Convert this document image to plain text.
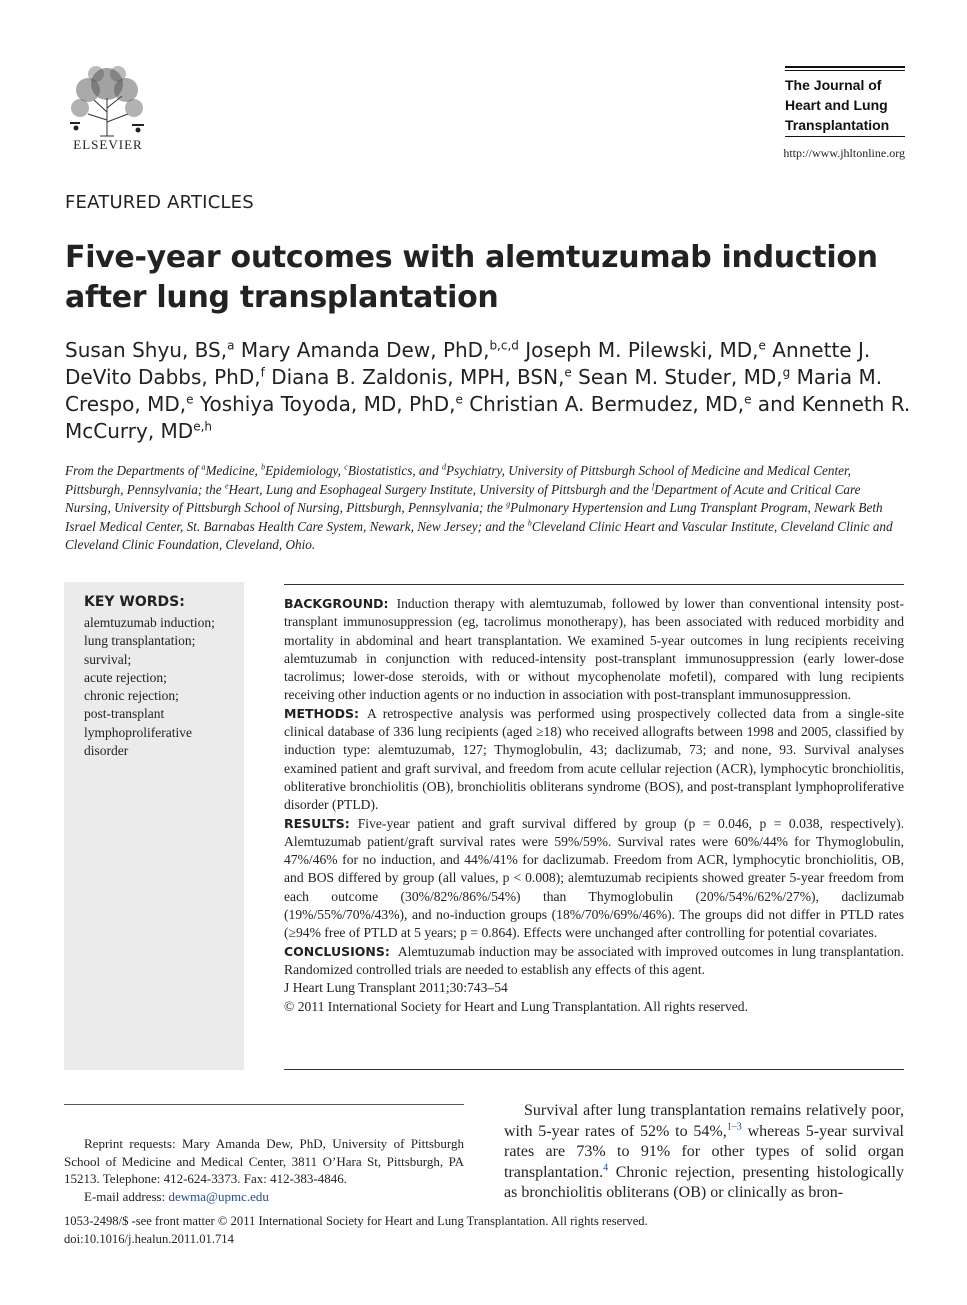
ELSEVIER
The Journal of
Heart and Lung
Transplantation
http://www.jhltonline.org
FEATURED ARTICLES
Five-year outcomes with alemtuzumab induction after lung transplantation
Susan Shyu, BS,$^a$ Mary Amanda Dew, PhD,$^{b,c,d}$ Joseph M. Pilewski, MD,$^e$ Annette J. DeVito Dabbs, PhD,$^f$ Diana B. Zaldonis, MPH, BSN,$^e$ Sean M. Studer, MD,$^g$ Maria M. Crespo, MD,$^e$ Yoshiya Toyoda, MD, PhD,$^e$ Christian A. Bermudez, MD,$^e$ and Kenneth R. McCurry, MD$^{e,h}$
From the Departments of $^a$Medicine, $^b$Epidemiology, $^c$Biostatistics, and $^d$Psychiatry, University of Pittsburgh School of Medicine and Medical Center, Pittsburgh, Pennsylvania; the $^e$Heart, Lung and Esophageal Surgery Institute, University of Pittsburgh and the $^f$Department of Acute and Critical Care Nursing, University of Pittsburgh School of Nursing, Pittsburgh, Pennsylvania; the $^g$Pulmonary Hypertension and Lung Transplant Program, Newark Beth Israel Medical Center, St. Barnabas Health Care System, Newark, New Jersey; and the $^h$Cleveland Clinic Heart and Vascular Institute, Cleveland Clinic and Cleveland Clinic Foundation, Cleveland, Ohio.
KEY WORDS:
alemtuzumab induction;
lung transplantation;
survival;
acute rejection;
chronic rejection;
post-transplant lymphoproliferative disorder

BACKGROUND: Induction therapy with alemtuzumab, followed by lower than conventional intensity post-transplant immunosuppression (eg, tacrolimus monotherapy), has been associated with reduced morbidity and mortality in abdominal and heart transplantation. We examined 5-year outcomes in lung recipients receiving alemtuzumab in conjunction with reduced-intensity post-transplant immunosuppression (early lower-dose tacrolimus; lower-dose steroids, with or without mycophenolate mofetil), compared with lung recipients receiving other induction agents or no induction in association with post-transplant immunosuppression.

METHODS: A retrospective analysis was performed using prospectively collected data from a single-site clinical database of 336 lung recipients (aged ≥18) who received allografts between 1998 and 2005, classified by induction type: alemtuzumab, 127; Thymoglobulin, 43; daclizumab, 73; and none, 93. Survival analyses examined patient and graft survival, and freedom from acute cellular rejection (ACR), lymphocytic bronchiolitis, obliterative bronchiolitis (OB), bronchiolitis obliterans syndrome (BOS), and post-transplant lymphoproliferative disorder (PTLD).

RESULTS: Five-year patient and graft survival differed by group (p = 0.046, p = 0.038, respectively). Alemtuzumab patient/graft survival rates were 59%/59%. Survival rates were 60%/44% for Thymoglobulin, 47%/46% for no induction, and 44%/41% for daclizumab. Freedom from ACR, lymphocytic bronchiolitis, OB, and BOS differed by group (all values, p < 0.008); alemtuzumab recipients showed greater 5-year freedom from each outcome (30%/82%/86%/54%) than Thymoglobulin (20%/54%/62%/27%), daclizumab (19%/55%/70%/43%), and no-induction groups (18%/70%/69%/46%). The groups did not differ in PTLD rates (≥94% free of PTLD at 5 years; p = 0.864). Effects were unchanged after controlling for potential covariates.

CONCLUSIONS: Alemtuzumab induction may be associated with improved outcomes in lung transplantation. Randomized controlled trials are needed to establish any effects of this agent.

J Heart Lung Transplant 2011;30:743–54

© 2011 International Society for Heart and Lung Transplantation. All rights reserved.

Reprint requests: Mary Amanda Dew, PhD, University of Pittsburgh School of Medicine and Medical Center, 3811 O’Hara St, Pittsburgh, PA 15213. Telephone: 412-624-3373. Fax: 412-383-4846.

E-mail address: dewma@upmc.edu

Survival after lung transplantation remains relatively poor, with 5-year rates of 52% to 54%,$^{1-3}$ whereas 5-year survival rates are 73% to 91% for other types of solid organ transplantation.$^4$ Chronic rejection, presenting histologically as bronchiolitis obliterans (OB) or clinically as bron-

1053-2498/$ -see front matter © 2011 International Society for Heart and Lung Transplantation. All rights reserved.
doi:10.1016/j.healun.2011.01.714
